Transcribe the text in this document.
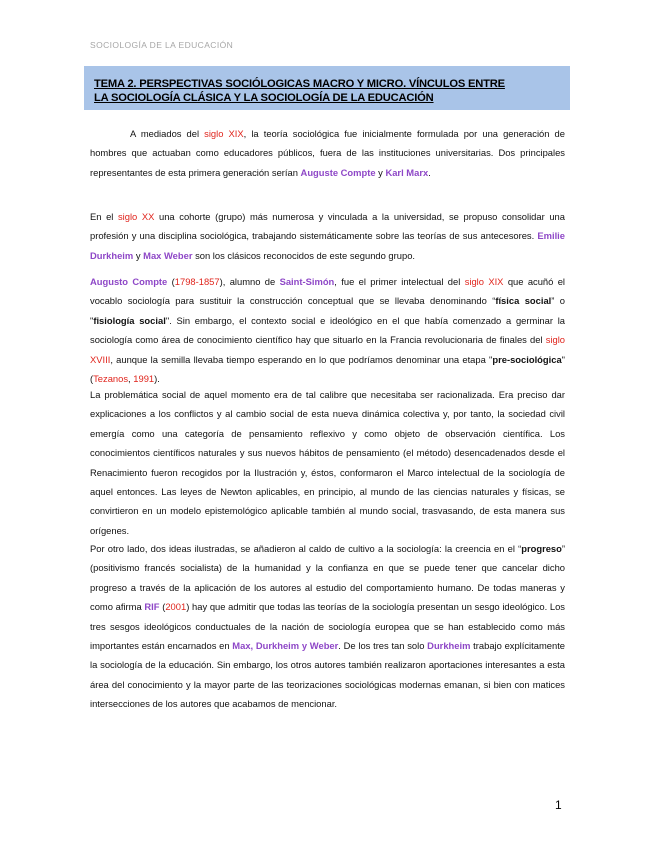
SOCIOLOGÍA DE LA EDUCACIÓN
TEMA 2. PERSPECTIVAS SOCIÓLOGICAS MACRO Y MICRO. VÍNCULOS ENTRE
LA SOCIOLOGÍA CLÁSICA Y LA SOCIOLOGÍA DE LA EDUCACIÓN

A mediados del siglo XIX, la teoría sociológica fue inicialmente formulada por una generación de hombres que actuaban como educadores públicos, fuera de las instituciones universitarias. Dos principales representantes de esta primera generación serían Auguste Compte y Karl Marx.

En el siglo XX una cohorte (grupo) más numerosa y vinculada a la universidad, se propuso consolidar una profesión y una disciplina sociológica, trabajando sistemáticamente sobre las teorías de sus antecesores. Emilie Durkheim y Max Weber son los clásicos reconocidos de este segundo grupo.

Augusto Compte (1798-1857), alumno de Saint-Simón, fue el primer intelectual del siglo XIX que acuñó el vocablo sociología para sustituir la construcción conceptual que se llevaba denominando “física social” o "fisiología social". Sin embargo, el contexto social e ideológico en el que había comenzado a germinar la sociología como área de conocimiento científico hay que situarlo en la Francia revolucionaria de finales del siglo XVIII, aunque la semilla llevaba tiempo esperando en lo que podríamos denominar una etapa "pre-sociológica" (Tezanos, 1991).

La problemática social de aquel momento era de tal calibre que necesitaba ser racionalizada. Era preciso dar explicaciones a los conflictos y al cambio social de esta nueva dinámica colectiva y, por tanto, la sociedad civil emergía como una categoría de pensamiento reflexivo y como objeto de observación científica. Los conocimientos científicos naturales y sus nuevos hábitos de pensamiento (el método) desencadenados desde el Renacimiento fueron recogidos por la Ilustración y, éstos, conformaron el Marco intelectual de la sociología de aquel entonces. Las leyes de Newton aplicables, en principio, al mundo de las ciencias naturales y físicas, se convirtieron en un modelo epistemológico aplicable también al mundo social, trasvasando, de esta manera sus orígenes.

Por otro lado, dos ideas ilustradas, se añadieron al caldo de cultivo a la sociología: la creencia en el “progreso” (positivismo francés socialista) de la humanidad y la confianza en que se puede tener que cancelar dicho progreso a través de la aplicación de los autores al estudio del comportamiento humano. De todas maneras y como afirma RIF (2001) hay que admitir que todas las teorías de la sociología presentan un sesgo ideológico. Los tres sesgos ideológicos conductuales de la nación de sociología europea que se han establecido como más importantes están encarnados en Max, Durkheim y Weber. De los tres tan solo Durkheim trabajo explícitamente la sociología de la educación. Sin embargo, los otros autores también realizaron aportaciones interesantes a esta área del conocimiento y la mayor parte de las teorizaciones sociológicas modernas emanan, si bien con matices intersecciones de los autores que acabamos de mencionar.

1
